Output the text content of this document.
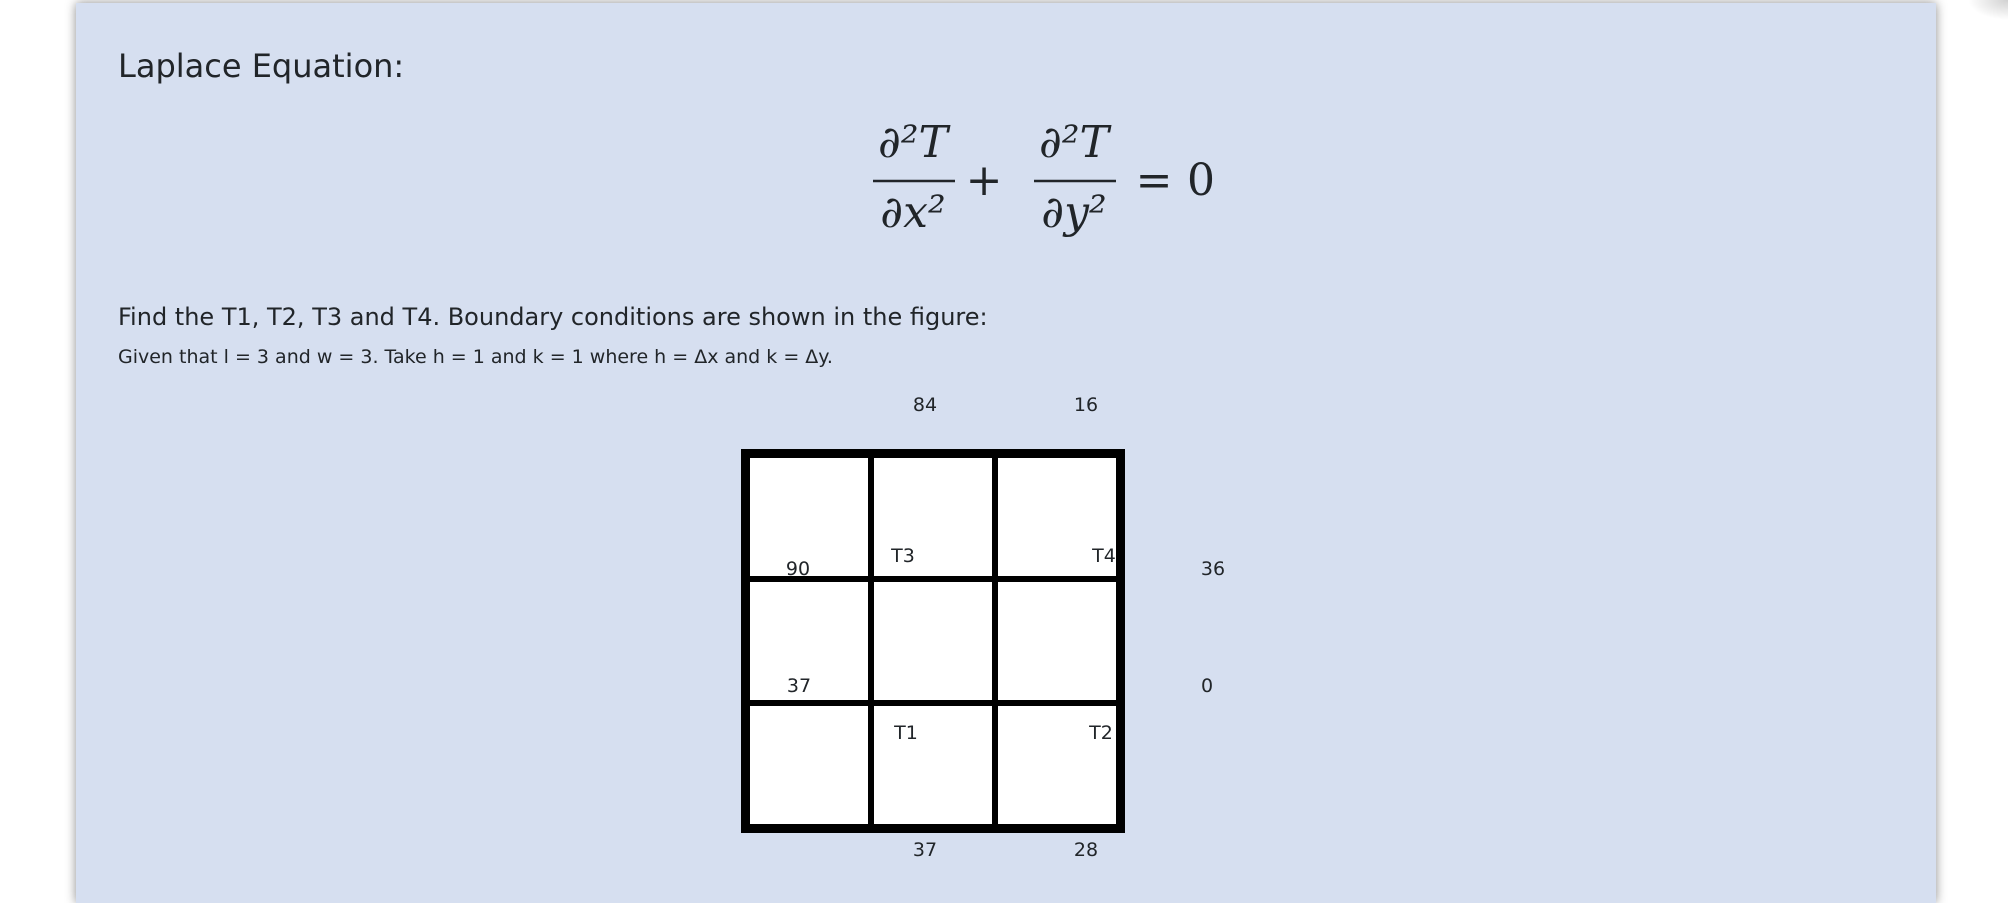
Laplace Equation:
∂²T
∂x²
+
∂²T
∂y²
= 0

Find the T1, T2, T3 and T4. Boundary conditions are shown in the figure:

Given that l = 3 and w = 3. Take h = 1 and k = 1 where h = Δx and k = Δy.

84	16
90
37
36
0
37	28
T3	T4
T1	T2
